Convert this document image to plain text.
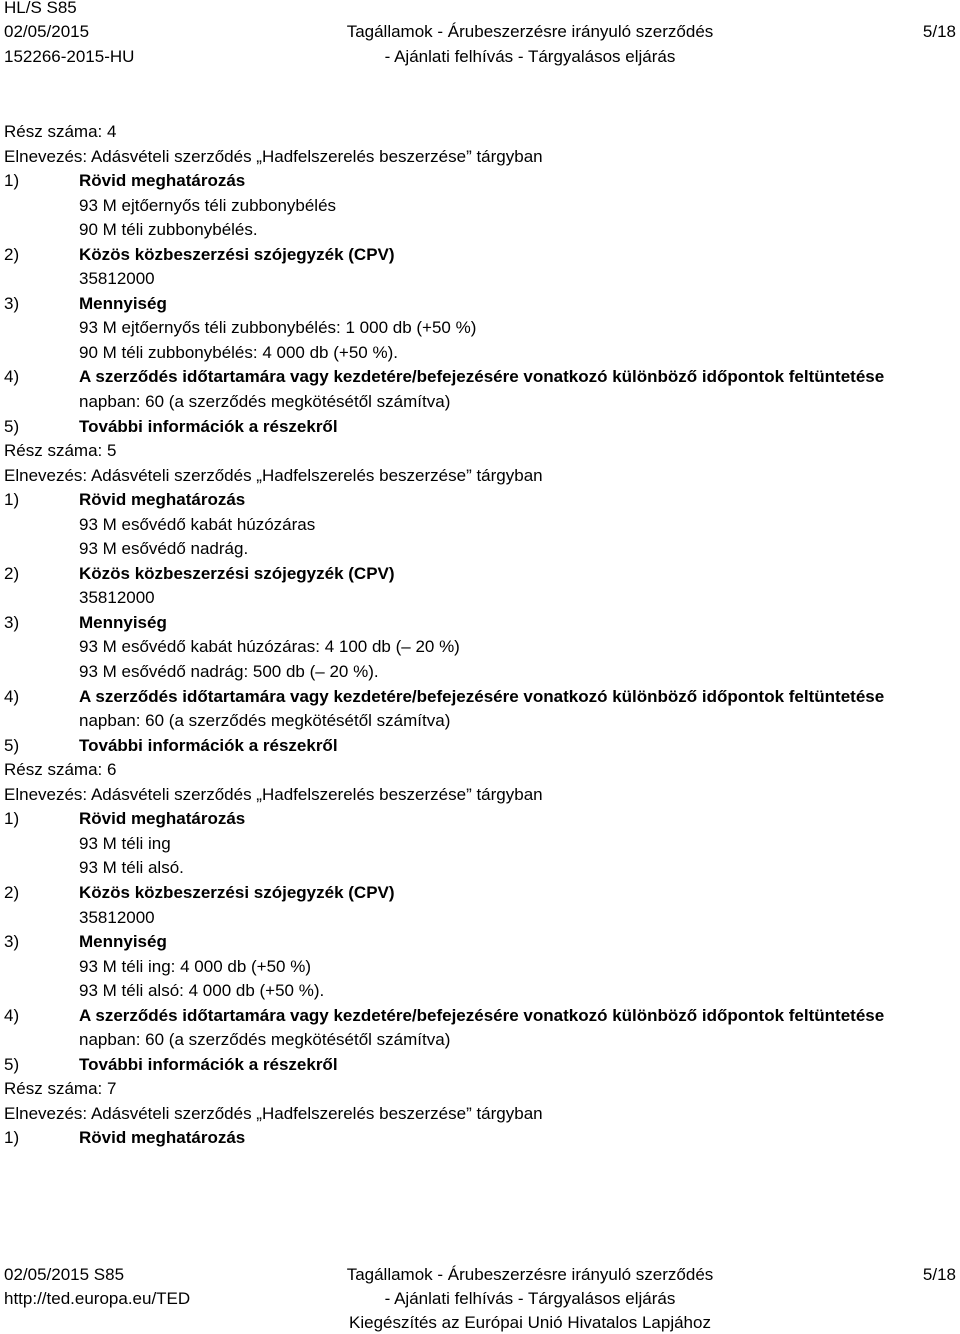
HL/S S85
02/05/2015
152266-2015-HU
Tagállamok - Árubeszerzésre irányuló szerződés
- Ajánlati felhívás - Tárgyalásos eljárás
5/18
Rész száma: 4
Elnevezés: Adásvételi szerződés „Hadfelszerelés beszerzése” tárgyban
1)	Rövid meghatározás
93 M ejtőernyős téli zubbonybélés
90 M téli zubbonybélés.
2)	Közös közbeszerzési szójegyzék (CPV)
35812000
3)	Mennyiség
93 M ejtőernyős téli zubbonybélés: 1 000 db (+50 %)
90 M téli zubbonybélés: 4 000 db (+50 %).
4)	A szerződés időtartamára vagy kezdetére/befejezésére vonatkozó különböző időpontok feltüntetése
napban: 60 (a szerződés megkötésétől számítva)
5)	További információk a részekről
Rész száma: 5
Elnevezés: Adásvételi szerződés „Hadfelszerelés beszerzése” tárgyban
1)	Rövid meghatározás
93 M esővédő kabát húzózáras
93 M esővédő nadrág.
2)	Közös közbeszerzési szójegyzék (CPV)
35812000
3)	Mennyiség
93 M esővédő kabát húzózáras: 4 100 db (– 20 %)
93 M esővédő nadrág: 500 db (– 20 %).
4)	A szerződés időtartamára vagy kezdetére/befejezésére vonatkozó különböző időpontok feltüntetése
napban: 60 (a szerződés megkötésétől számítva)
5)	További információk a részekről
Rész száma: 6
Elnevezés: Adásvételi szerződés „Hadfelszerelés beszerzése” tárgyban
1)	Rövid meghatározás
93 M téli ing
93 M téli alsó.
2)	Közös közbeszerzési szójegyzék (CPV)
35812000
3)	Mennyiség
93 M téli ing: 4 000 db (+50 %)
93 M téli alsó: 4 000 db (+50 %).
4)	A szerződés időtartamára vagy kezdetére/befejezésére vonatkozó különböző időpontok feltüntetése
napban: 60 (a szerződés megkötésétől számítva)
5)	További információk a részekről
Rész száma: 7
Elnevezés: Adásvételi szerződés „Hadfelszerelés beszerzése” tárgyban
1)	Rövid meghatározás
02/05/2015 S85
http://ted.europa.eu/TED
Tagállamok - Árubeszerzésre irányuló szerződés
- Ajánlati felhívás - Tárgyalásos eljárás
Kiegészítés az Európai Unió Hivatalos Lapjához
5/18
